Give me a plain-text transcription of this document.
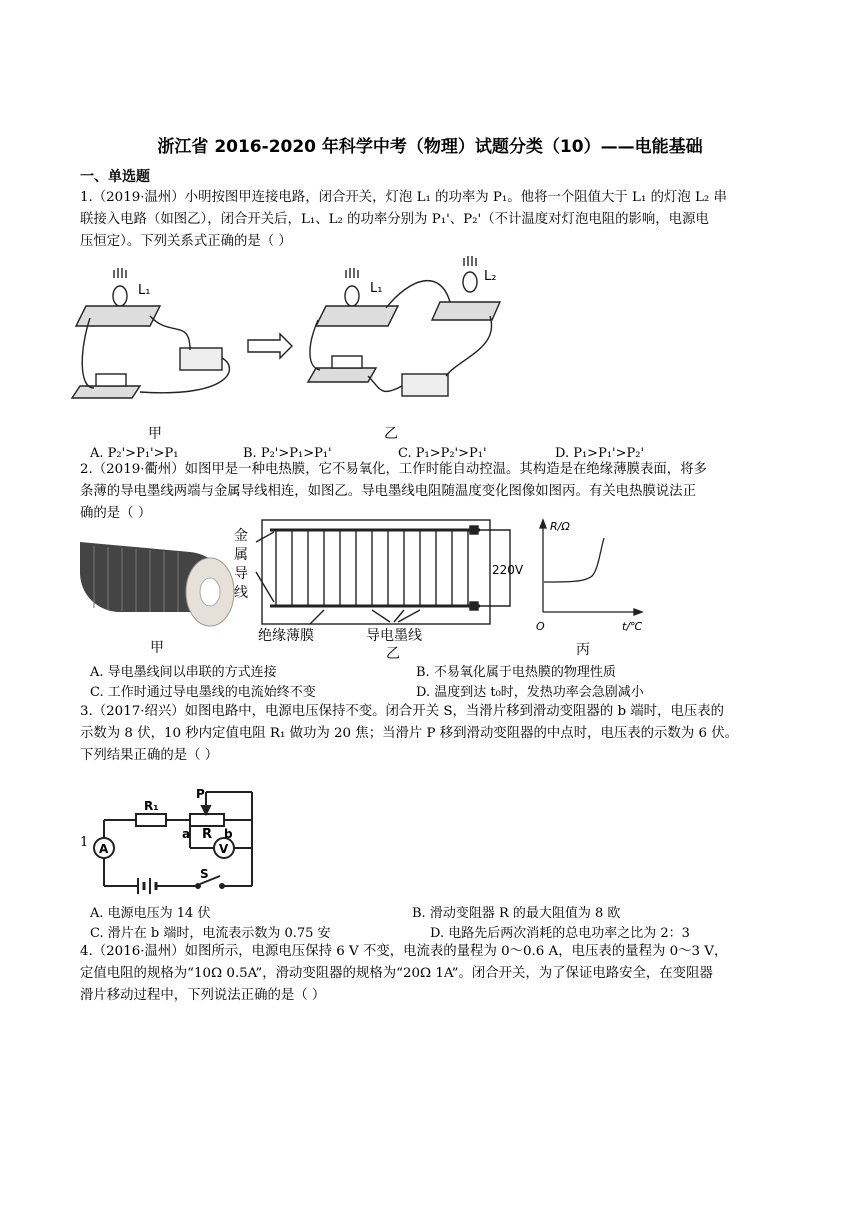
浙江省 2016-2020 年科学中考（物理）试题分类（10）——电能基础
一、单选题
1.（2019·温州）小明按图甲连接电路，闭合开关，灯泡 L₁ 的功率为 P₁。他将一个阻值大于 L₁ 的灯泡 L₂ 串
联接入电路（如图乙），闭合开关后，L₁、L₂ 的功率分别为 P₁'、P₂'（不计温度对灯泡电阻的影响，电源电
压恒定）。下列关系式正确的是（ ）
L₁	L₁
L₂
甲	乙
A. P₂'>P₁'>P₁	B. P₂'>P₁>P₁'	C. P₁>P₂'>P₁'	D. P₁>P₁'>P₂'
2.（2019·衢州）如图甲是一种电热膜，它不易氧化，工作时能自动控温。其构造是在绝缘薄膜表面，将多
条薄的导电墨线两端与金属导线相连，如图乙。导电墨线电阻随温度变化图像如图丙。有关电热膜说法正
确的是（ ）
甲
金属导线
220V
绝缘薄膜	导电墨线
乙
R/Ω
t/℃
O
丙
A. 导电墨线间以串联的方式连接	B. 不易氧化属于电热膜的物理性质
C. 工作时通过导电墨线的电流始终不变	D. 温度到达 t₀时，发热功率会急剧减小
3.（2017·绍兴）如图电路中，电源电压保持不变。闭合开关 S，当滑片移到滑动变阻器的 b 端时，电压表的
示数为 8 伏，10 秒内定值电阻 R₁ 做功为 20 焦；当滑片 P 移到滑动变阻器的中点时，电压表的示数为 6 伏。
下列结果正确的是（ ）
1
R₁
P
a R b
A	V
S
A. 电源电压为 14 伏	B. 滑动变阻器 R 的最大阻值为 8 欧
C. 滑片在 b 端时，电流表示数为 0.75 安	D. 电路先后两次消耗的总电功率之比为 2：3
4.（2016·温州）如图所示，电源电压保持 6 V 不变，电流表的量程为 0～0.6 A，电压表的量程为 0～3 V，
定值电阻的规格为“10Ω 0.5A”，滑动变阻器的规格为“20Ω 1A”。闭合开关，为了保证电路安全，在变阻器
滑片移动过程中，下列说法正确的是（ ）
